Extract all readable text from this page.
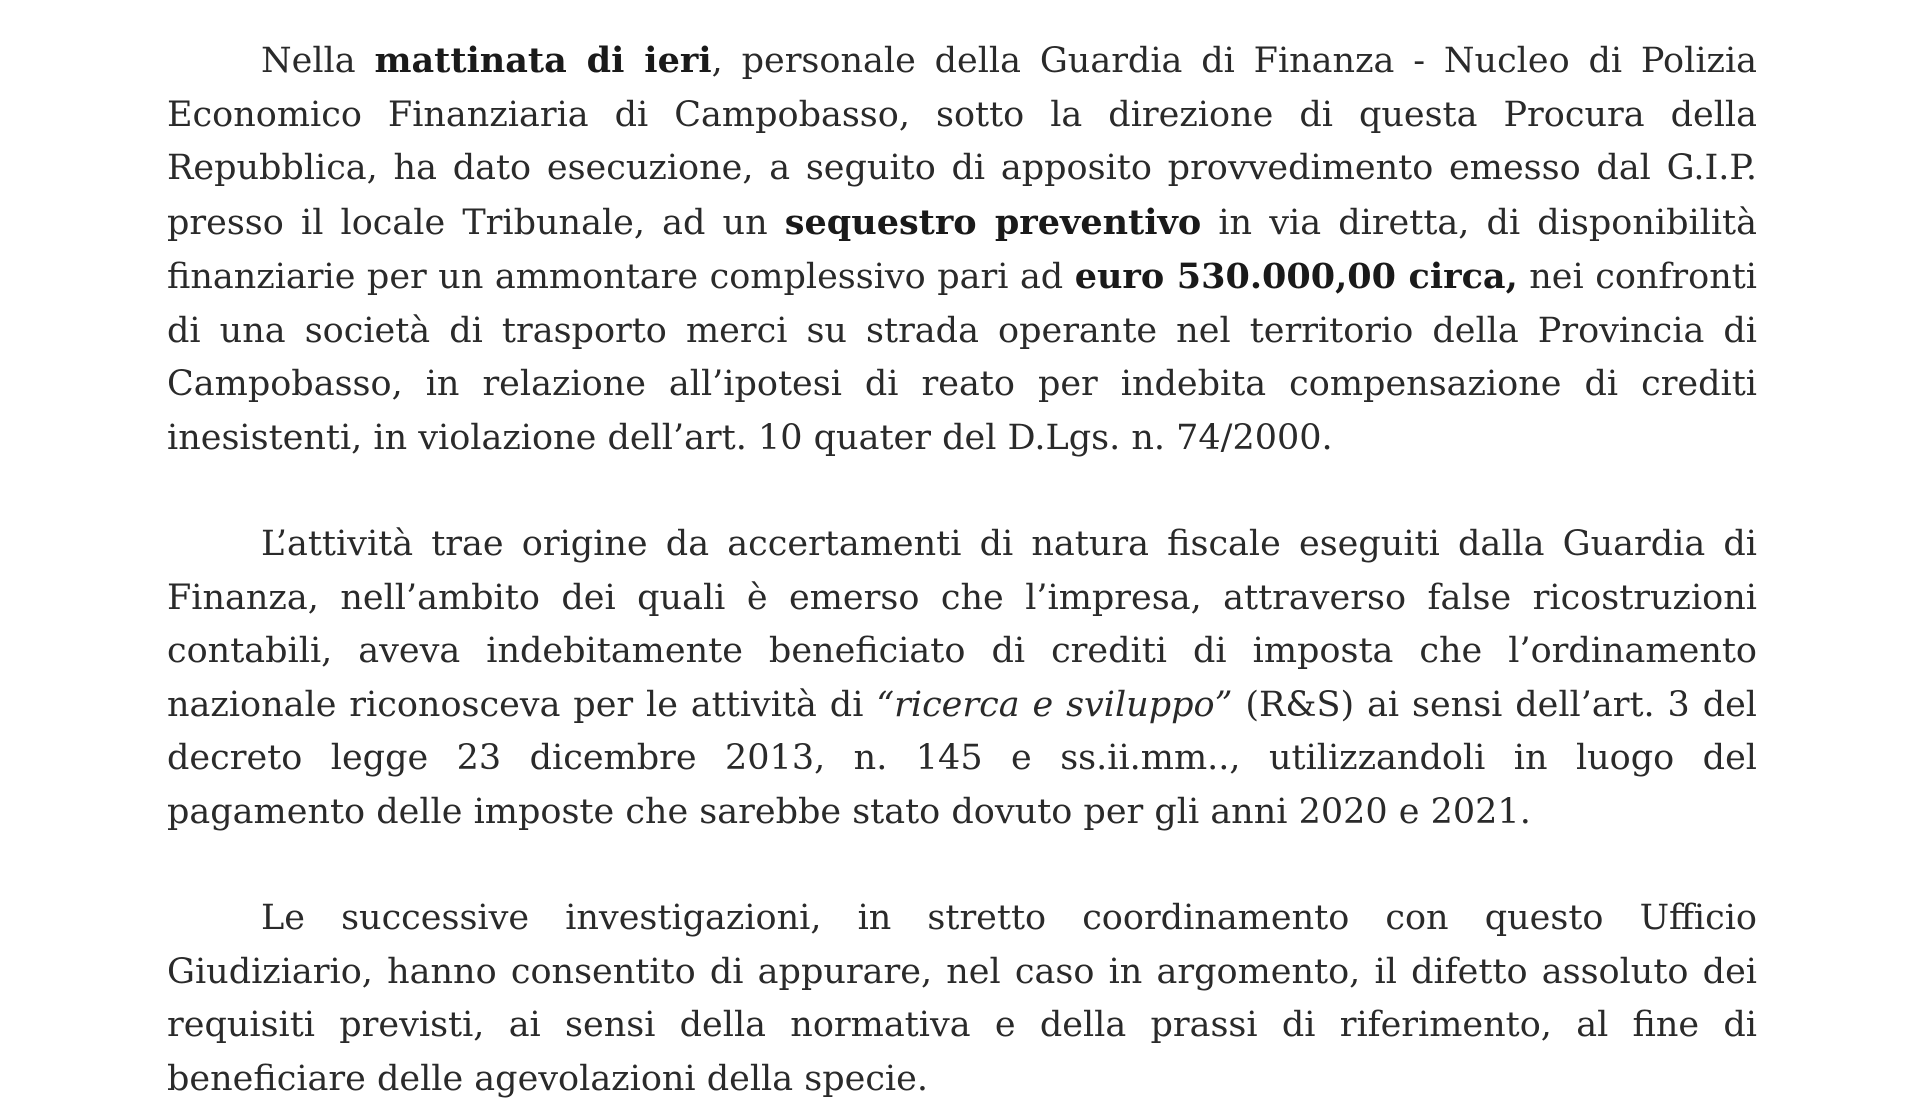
Nella mattinata di ieri, personale della Guardia di Finanza - Nucleo di Polizia Economico Finanziaria di Campobasso, sotto la direzione di questa Procura della Repubblica, ha dato esecuzione, a seguito di apposito provvedimento emesso dal G.I.P. presso il locale Tribunale, ad un sequestro preventivo in via diretta, di disponibilità finanziarie per un ammontare complessivo pari ad euro 530.000,00 circa, nei confronti di una società di trasporto merci su strada operante nel territorio della Provincia di Campobasso, in relazione all’ipotesi di reato per indebita compensazione di crediti inesistenti, in violazione dell’art. 10 quater del D.Lgs. n. 74/2000.

L’attività trae origine da accertamenti di natura fiscale eseguiti dalla Guardia di Finanza, nell’ambito dei quali è emerso che l’impresa, attraverso false ricostruzioni contabili, aveva indebitamente beneficiato di crediti di imposta che l’ordinamento nazionale riconosceva per le attività di “ricerca e sviluppo” (R&S) ai sensi dell’art. 3 del decreto legge 23 dicembre 2013, n. 145 e ss.ii.mm.., utilizzandoli in luogo del pagamento delle imposte che sarebbe stato dovuto per gli anni 2020 e 2021.

Le successive investigazioni, in stretto coordinamento con questo Ufficio Giudiziario, hanno consentito di appurare, nel caso in argomento, il difetto assoluto dei requisiti previsti, ai sensi della normativa e della prassi di riferimento, al fine di beneficiare delle agevolazioni della specie.
